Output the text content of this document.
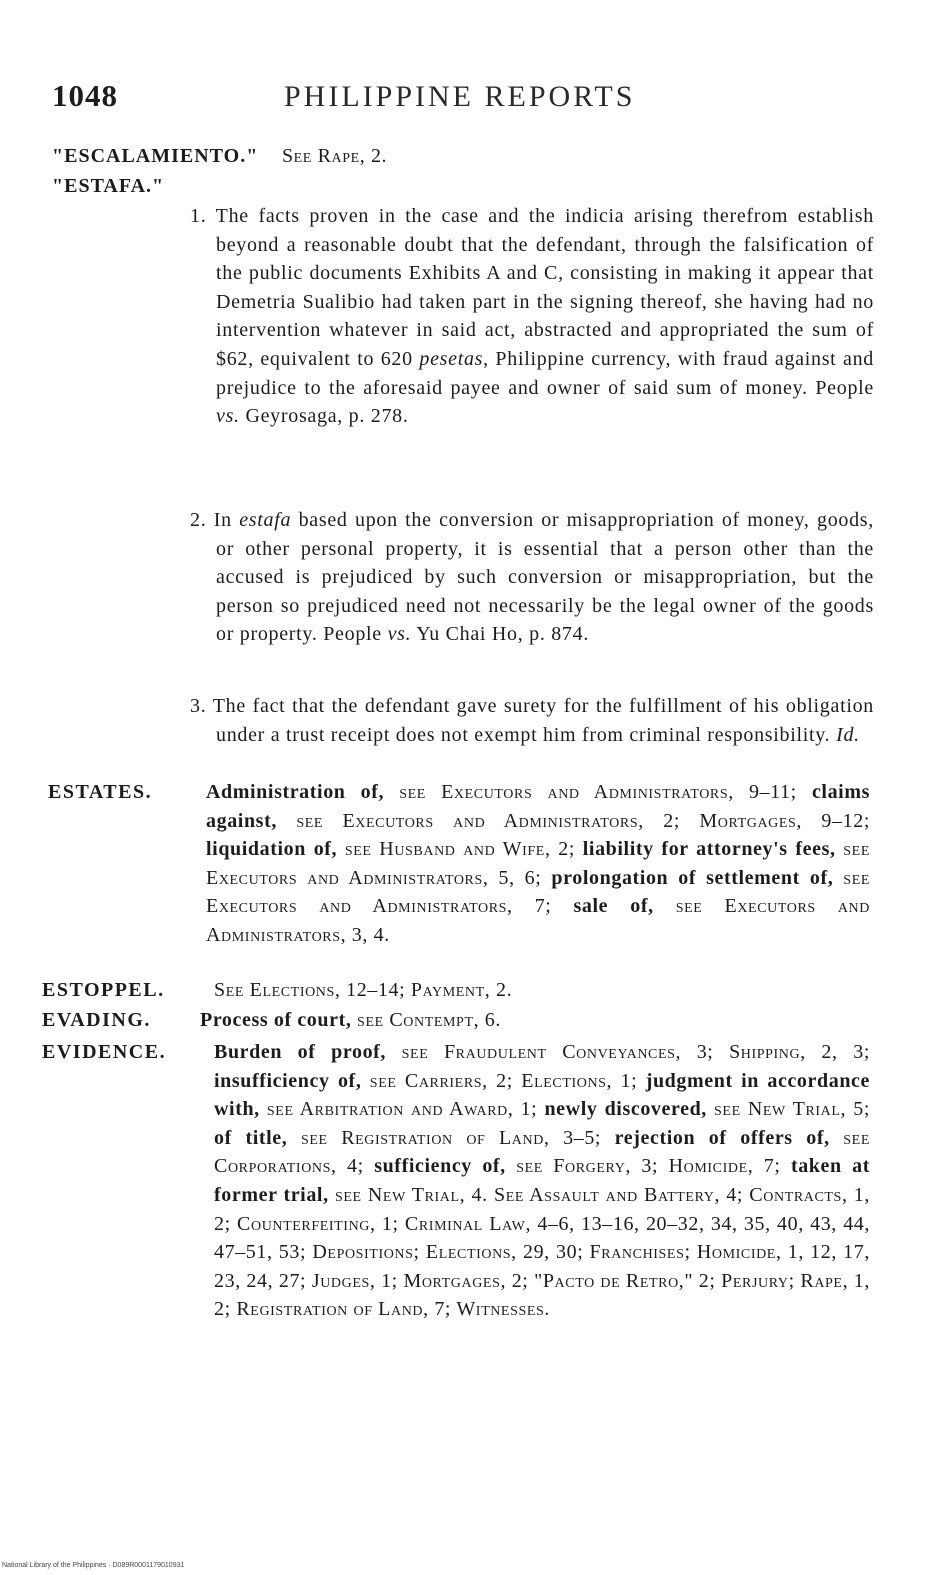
1048	PHILIPPINE REPORTS
"ESCALAMIENTO." See Rape, 2.
"ESTAFA."
1. The facts proven in the case and the indicia arising therefrom establish beyond a reasonable doubt that the defendant, through the falsification of the public documents Exhibits A and C, consisting in making it appear that Demetria Sualibio had taken part in the signing thereof, she having had no intervention whatever in said act, abstracted and appropriated the sum of $62, equivalent to 620 pesetas, Philippine currency, with fraud against and prejudice to the aforesaid payee and owner of said sum of money. People vs. Geyrosaga, p. 278.
2. In estafa based upon the conversion or misappropriation of money, goods, or other personal property, it is essential that a person other than the accused is prejudiced by such conversion or misappropriation, but the person so prejudiced need not necessarily be the legal owner of the goods or property. People vs. Yu Chai Ho, p. 874.
3. The fact that the defendant gave surety for the fulfillment of his obligation under a trust receipt does not exempt him from criminal responsibility. Id.
ESTATES.	Administration of, see Executors and Administrators, 9–11; claims against, see Executors and Administrators, 2; Mortgages, 9–12; liquidation of, see Husband and Wife, 2; liability for attorney's fees, see Executors and Administrators, 5, 6; prolongation of settlement of, see Executors and Administrators, 7; sale of, see Executors and Administrators, 3, 4.
ESTOPPEL. See Elections, 12–14; Payment, 2.
EVADING. Process of court, see Contempt, 6.
EVIDENCE. Burden of proof, see Fraudulent Conveyances, 3; Shipping, 2, 3; insufficiency of, see Carriers, 2; Elections, 1; judgment in accordance with, see Arbitration and Award, 1; newly discovered, see New Trial, 5; of title, see Registration of Land, 3–5; rejection of offers of, see Corporations, 4; sufficiency of, see Forgery, 3; Homicide, 7; taken at former trial, see New Trial, 4. See Assault and Battery, 4; Contracts, 1, 2; Counterfeiting, 1; Criminal Law, 4–6, 13–16, 20–32, 34, 35, 40, 43, 44, 47–51, 53; Depositions; Elections, 29, 30; Franchises; Homicide, 1, 12, 17, 23, 24, 27; Judges, 1; Mortgages, 2; "Pacto de Retro," 2; Perjury; Rape, 1, 2; Registration of Land, 7; Witnesses.
National Library of the Philippines · D089R0001179010931
